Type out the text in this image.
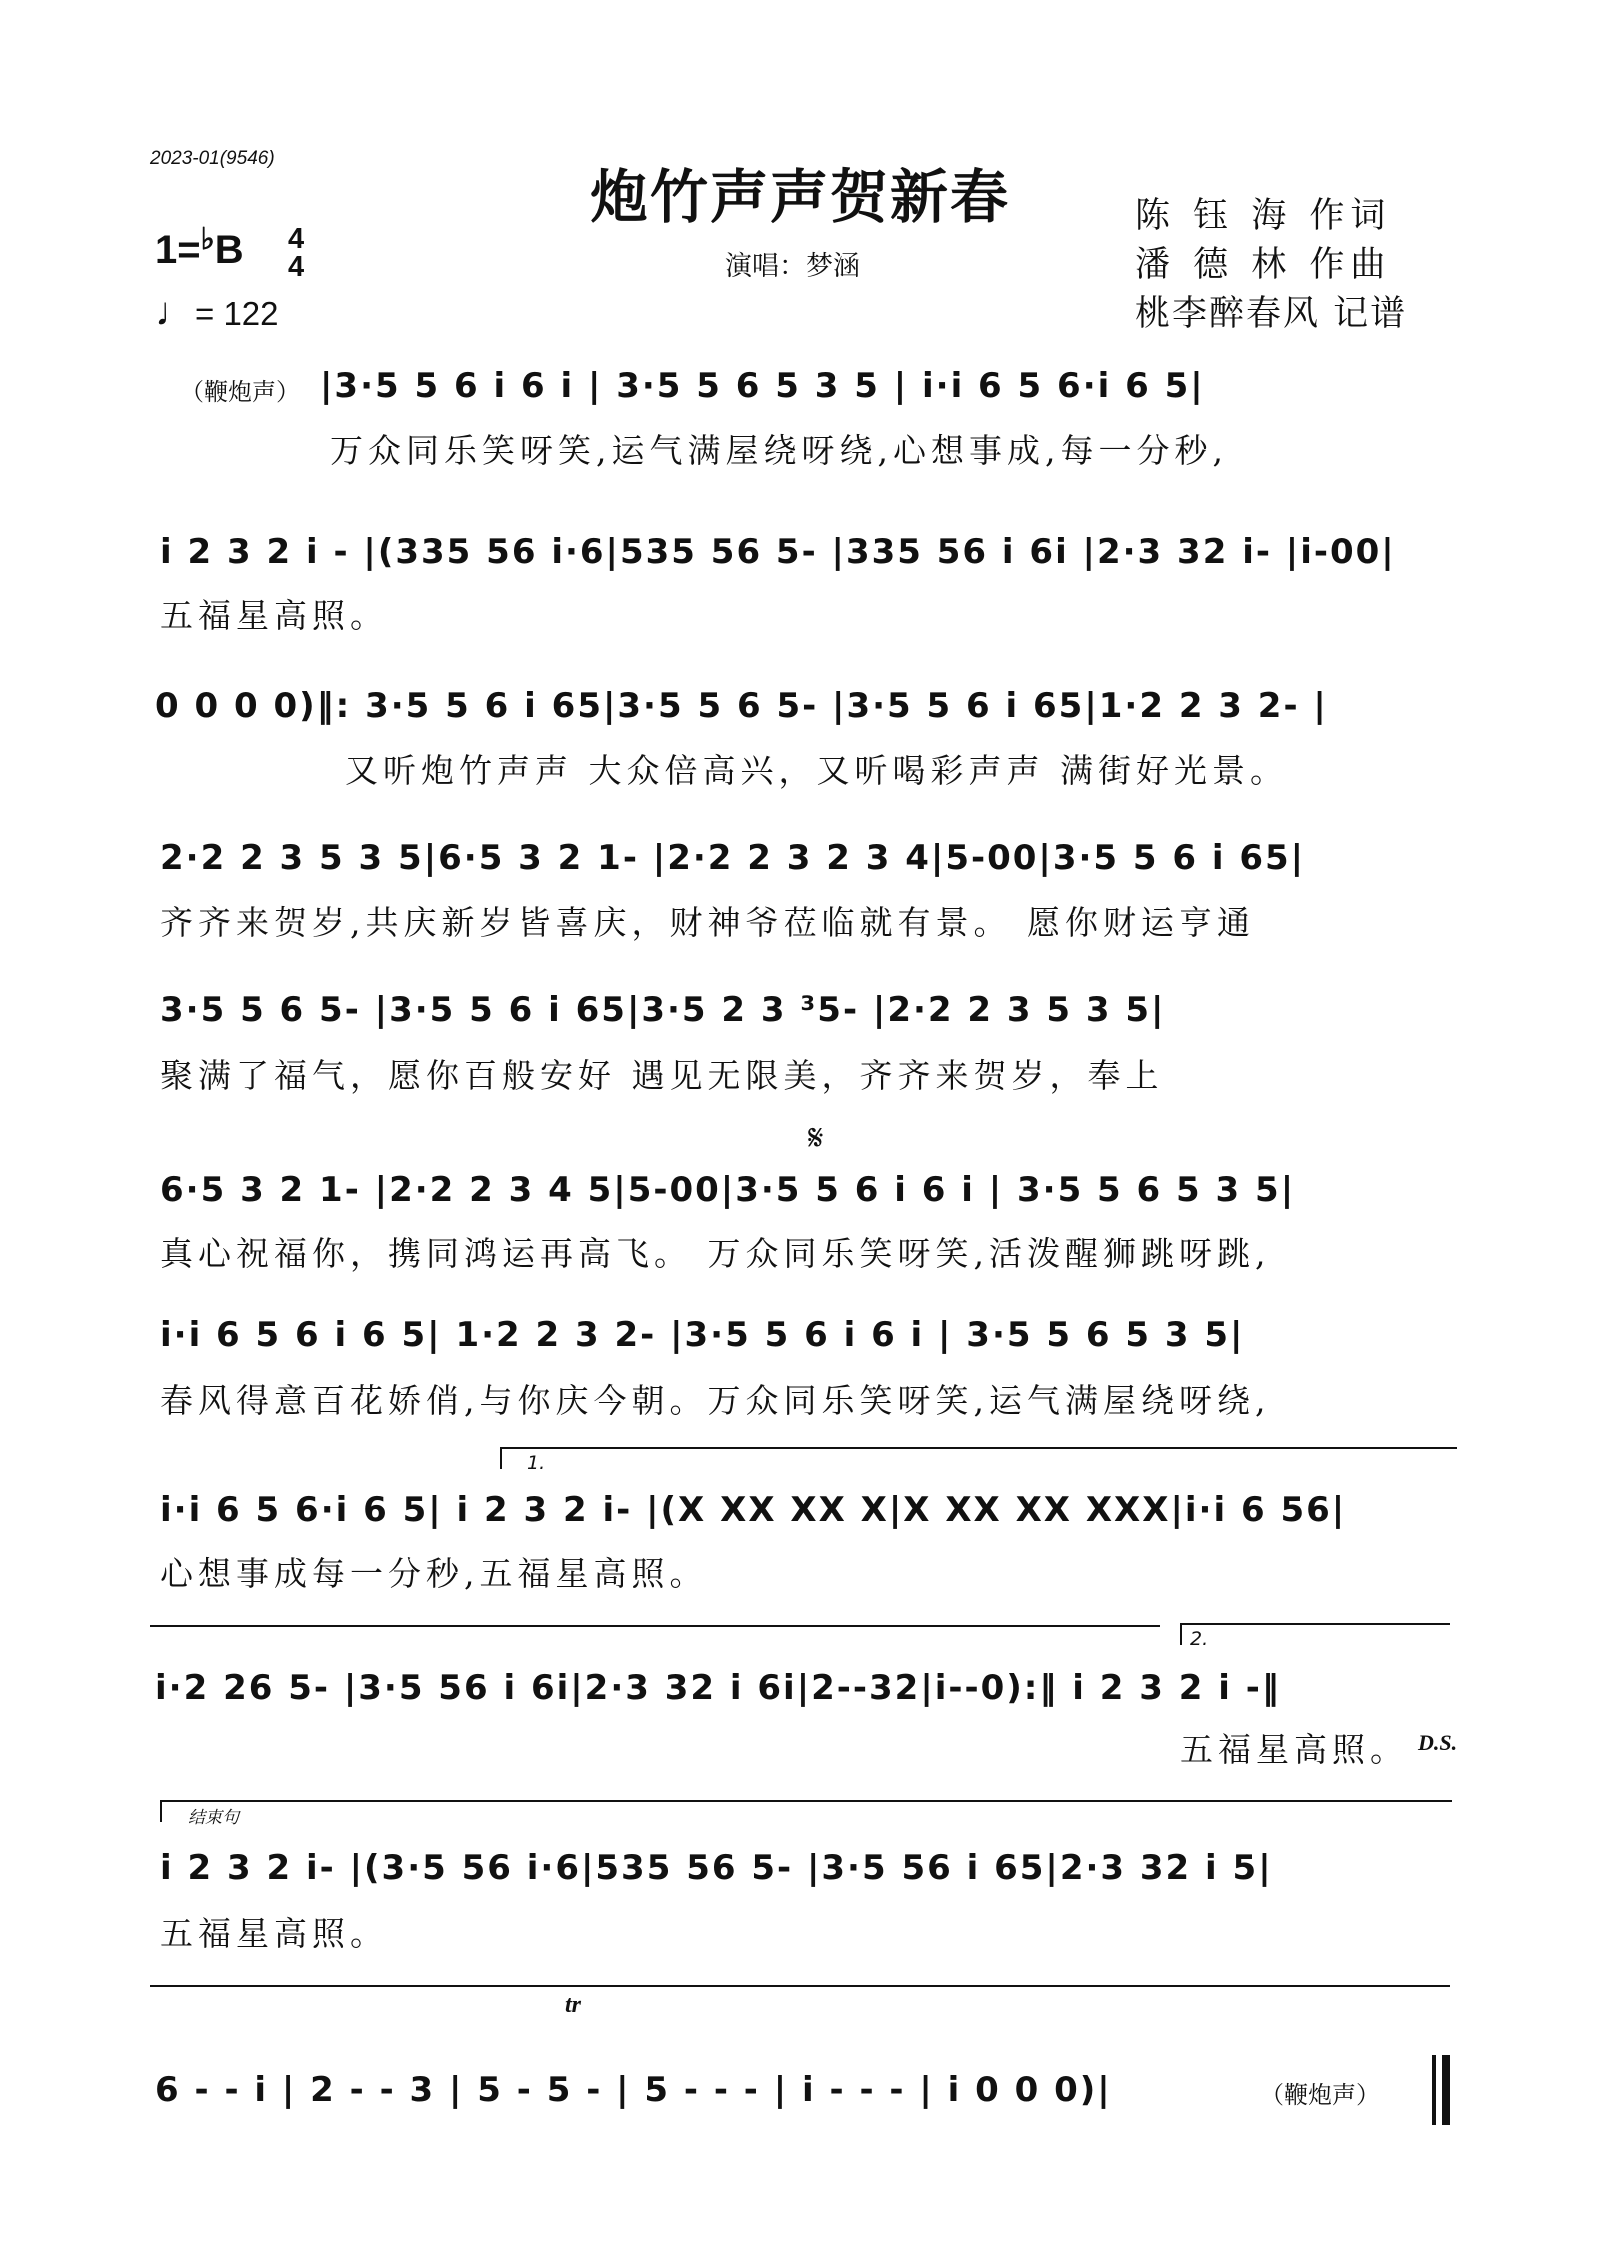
2023-01(9546)
炮竹声声贺新春
演唱：梦涵
陈 钰 海 作词
潘 德 林 作曲
桃李醉春风 记谱
1=♭B 4
4
♩= 122
（鞭炮声） |3·5 5 6 i 6 i | 3·5 5 6 5 3 5 | i·i 6 5 6·i 6 5|
万众同乐笑呀笑,运气满屋绕呀绕,心想事成,每一分秒,
i 2 3 2 i - |(335 56 i·6|535 56 5- |335 56 i 6i |2·3 32 i- |i-00|
五福星高照。
0 0 0 0)‖: 3·5 5 6 i 65|3·5 5 6 5- |3·5 5 6 i 65|1·2 2 3 2- |
又听炮竹声声 大众倍高兴，又听喝彩声声 满街好光景。
2·2 2 3 5 3 5|6·5 3 2 1- |2·2 2 3 2 3 4|5-00|3·5 5 6 i 65|
齐齐来贺岁,共庆新岁皆喜庆，财神爷莅临就有景。 愿你财运亨通
3·5 5 6 5- |3·5 5 6 i 65|3·5 2 3 ³5- |2·2 2 3 5 3 5|
聚满了福气，愿你百般安好 遇见无限美，齐齐来贺岁，奉上
𝄋
6·5 3 2 1- |2·2 2 3 4 5|5-00|3·5 5 6 i 6 i | 3·5 5 6 5 3 5|
真心祝福你，携同鸿运再高飞。 万众同乐笑呀笑,活泼醒狮跳呀跳,
i·i 6 5 6 i 6 5| 1·2 2 3 2- |3·5 5 6 i 6 i | 3·5 5 6 5 3 5|
春风得意百花娇俏,与你庆今朝。万众同乐笑呀笑,运气满屋绕呀绕,
1.
i·i 6 5 6·i 6 5| i 2 3 2 i- |(X XX XX X|X XX XX XXX|i·i 6 56|
心想事成每一分秒,五福星高照。
2.
i·2 26 5- |3·5 56 i 6i|2·3 32 i 6i|2--32|i--0):‖ i 2 3 2 i -‖
五福星高照。 D.S.
结束句
i 2 3 2 i- |(3·5 56 i·6|535 56 5- |3·5 56 i 65|2·3 32 i 5|
五福星高照。
tr
6 - - i | 2 - - 3 | 5 - 5 - | 5 - - - | i - - - | i 0 0 0)|	（鞭炮声）
